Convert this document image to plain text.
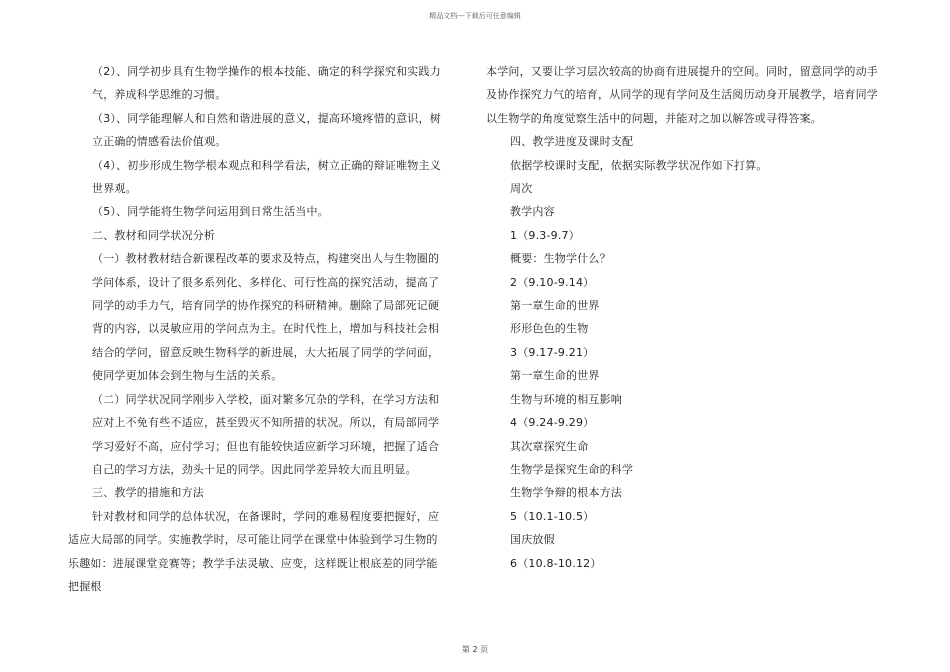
精品文档---下载后可任意编辑

（2）、同学初步具有生物学操作的根本技能、确定的科学探究和实践力气，养成科学思维的习惯。

（3）、同学能理解人和自然和谐进展的意义，提高环境疼惜的意识，树立正确的情感看法价值观。

（4）、初步形成生物学根本观点和科学看法，树立正确的辩证唯物主义世界观。

（5）、同学能将生物学问运用到日常生活当中。

二、教材和同学状况分析

（一）教材教材结合新课程改革的要求及特点，构建突出人与生物圈的学问体系，设计了很多系列化、多样化、可行性高的探究活动，提高了同学的动手力气，培育同学的协作探究的科研精神。删除了局部死记硬背的内容，以灵敏应用的学问点为主。在时代性上，增加与科技社会相结合的学问，留意反映生物科学的新进展，大大拓展了同学的学问面，使同学更加体会到生物与生活的关系。

（二）同学状况同学刚步入学校，面对繁多冗杂的学科，在学习方法和应对上不免有些不适应，甚至毁灭不知所措的状况。所以，有局部同学学习爱好不高，应付学习；但也有能较快适应新学习环境，把握了适合自己的学习方法，劲头十足的同学。因此同学差异较大而且明显。

三、教学的措施和方法

针对教材和同学的总体状况，在备课时，学问的难易程度要把握好，应适应大局部的同学。实施教学时，尽可能让同学在课堂中体验到学习生物的乐趣如：进展课堂竞赛等；教学手法灵敏、应变，这样既让根底差的同学能把握根

本学问，又要让学习层次较高的协商有进展提升的空间。同时，留意同学的动手及协作探究力气的培育，从同学的现有学问及生活阅历动身开展教学，培育同学以生物学的角度觉察生活中的问题，并能对之加以解答或寻得答案。

四、教学进度及课时支配

依据学校课时支配，依据实际教学状况作如下打算。

周次

教学内容

1（9.3-9.7）

概要：生物学什么？

2（9.10-9.14）

第一章生命的世界

形形色色的生物

3（9.17-9.21）

第一章生命的世界

生物与环境的相互影响

4（9.24-9.29）

其次章探究生命

生物学是探究生命的科学

生物学争辩的根本方法

5（10.1-10.5）

国庆放假

6（10.8-10.12）

第 2 页
